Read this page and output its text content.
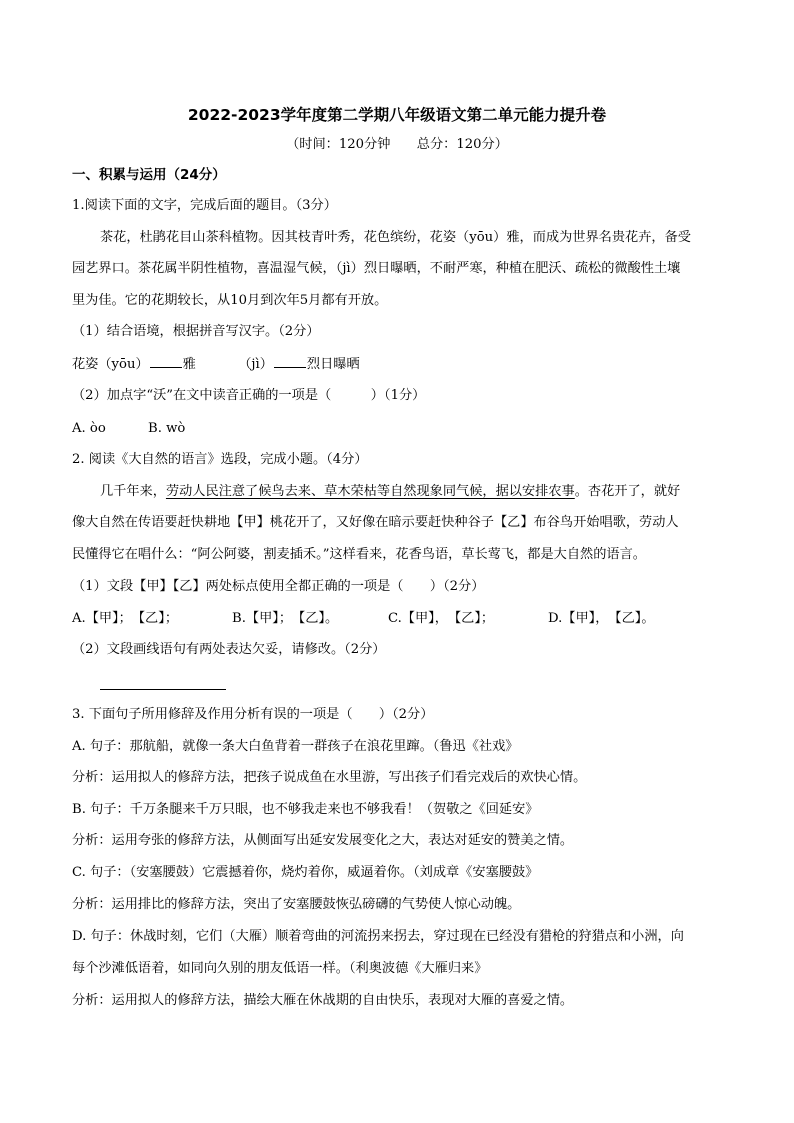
2022-2023学年度第二学期八年级语文第二单元能力提升卷
（时间：120分钟　　总分：120分）
一、积累与运用（24分）
1.阅读下面的文字，完成后面的题目。（3分）
茶花，杜鹃花目山茶科植物。因其枝青叶秀，花色缤纷，花姿（yōu）雅，而成为世界名贵花卉，备受
园艺界口。茶花属半阴性植物，喜温湿气候，（jì）烈日曝晒，不耐严寒，种植在肥沃、疏松的微酸性土壤
里为佳。它的花期较长，从10月到次年5月都有开放。
（1）结合语境，根据拼音写汉字。（2分）
花姿（yōu）	雅	（jì）	烈日曝晒
（2）加点字“沃”在文中读音正确的一项是（　　　）（1分）
A. òo	B. wò
2. 阅读《大自然的语言》选段，完成小题。（4分）
几千年来，劳动人民注意了候鸟去来、草木荣枯等自然现象同气候，据以安排农事。杏花开了，就好
像大自然在传语要赶快耕地【甲】桃花开了，又好像在暗示要赶快种谷子【乙】布谷鸟开始唱歌，劳动人
民懂得它在唱什么：“阿公阿婆，割麦插禾。”这样看来，花香鸟语，草长莺飞，都是大自然的语言。
（1）文段【甲】【乙】两处标点使用全都正确的一项是（　　）（2分）
A.【甲】；　【乙】；	B.【甲】；　【乙】。	C.【甲】，　【乙】；	D.【甲】，　【乙】。
（2）文段画线语句有两处表达欠妥，请修改。（2分）
3. 下面句子所用修辞及作用分析有误的一项是（　　）（2分）
A. 句子：那航船，就像一条大白鱼背着一群孩子在浪花里蹿。（鲁迅《社戏》
分析：运用拟人的修辞方法，把孩子说成鱼在水里游，写出孩子们看完戏后的欢快心情。
B. 句子：千万条腿来千万只眼，也不够我走来也不够我看！（贺敬之《回延安》
分析：运用夸张的修辞方法，从侧面写出延安发展变化之大，表达对延安的赞美之情。
C. 句子：（安塞腰鼓）它震撼着你，烧灼着你，威逼着你。（刘成章《安塞腰鼓》
分析：运用排比的修辞方法，突出了安塞腰鼓恢弘磅礴的气势使人惊心动魄。
D. 句子：休战时刻，它们（大雁）顺着弯曲的河流拐来拐去，穿过现在已经没有猎枪的狩猎点和小洲，向
每个沙滩低语着，如同向久别的朋友低语一样。（利奥波德《大雁归来》
分析：运用拟人的修辞方法，描绘大雁在休战期的自由快乐，表现对大雁的喜爱之情。
